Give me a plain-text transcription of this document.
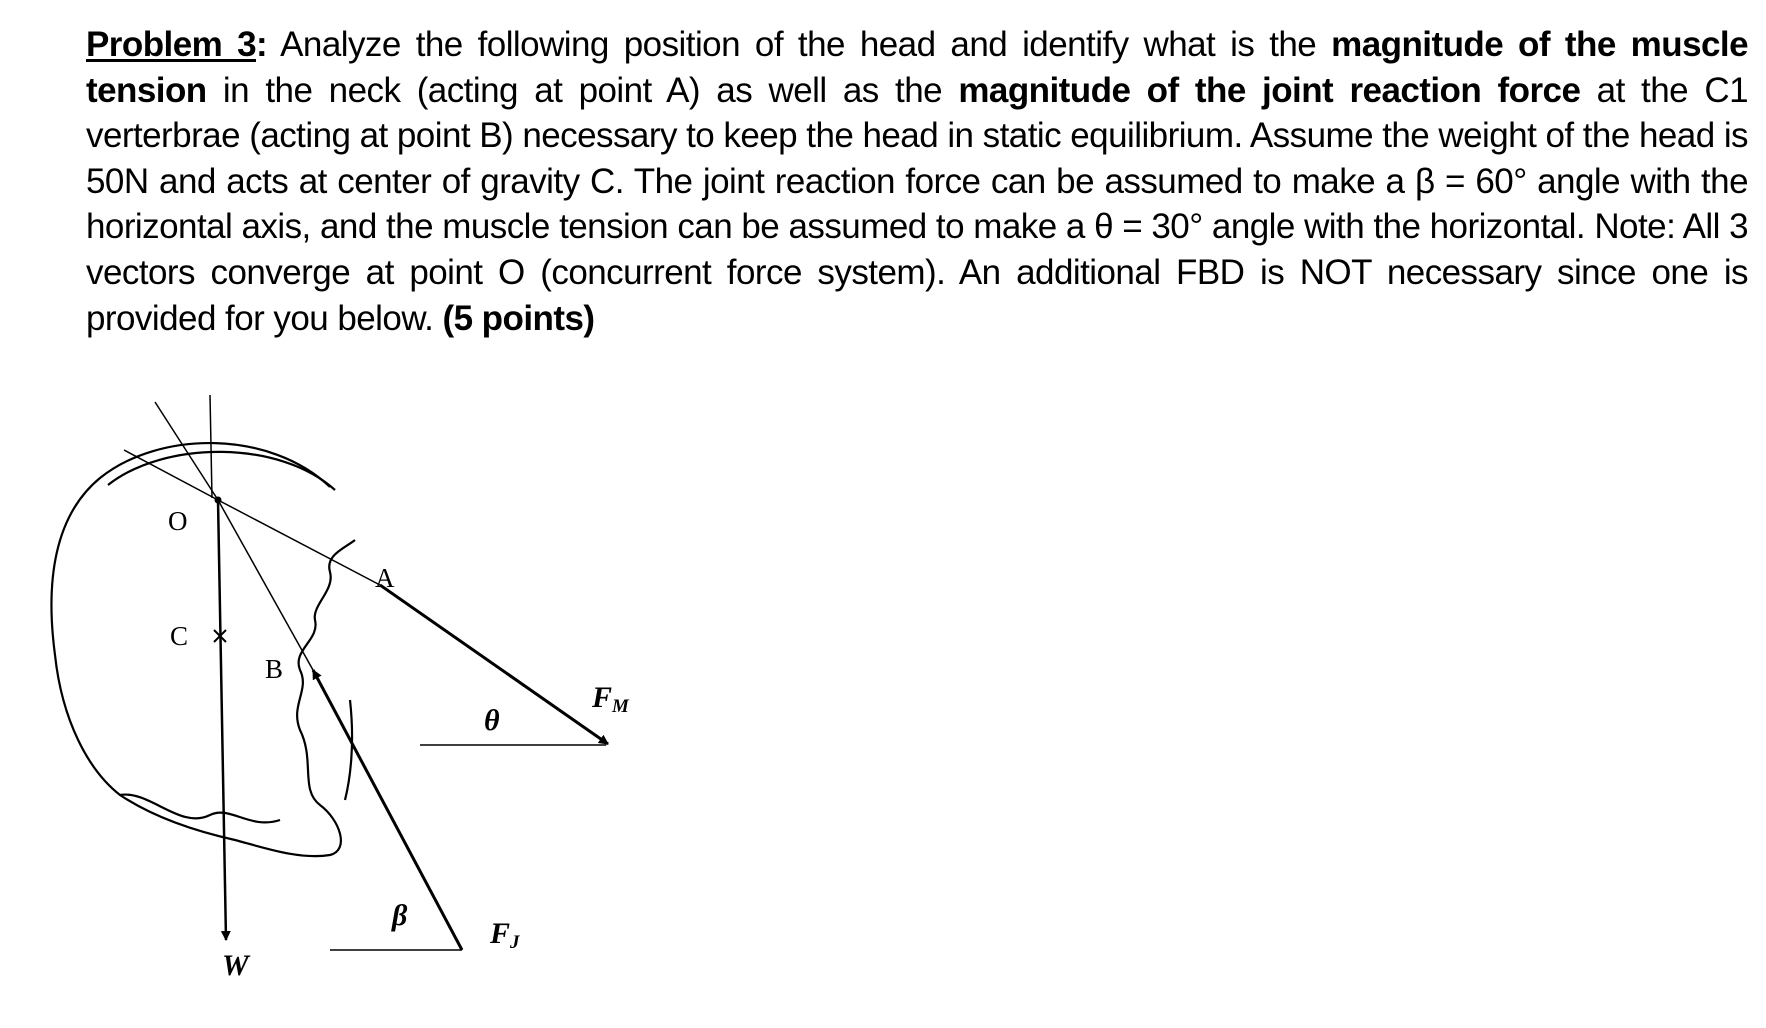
Problem 3: Analyze the following position of the head and identify what is the magnitude of the muscle tension in the neck (acting at point A) as well as the magnitude of the joint reaction force at the C1 verterbrae (acting at point B) necessary to keep the head in static equilibrium. Assume the weight of the head is 50N and acts at center of gravity C. The joint reaction force can be assumed to make a β = 60° angle with the horizontal axis, and the muscle tension can be assumed to make a θ = 30° angle with the horizontal. Note: All 3 vectors converge at point O (concurrent force system). An additional FBD is NOT necessary since one is provided for you below. (5 points)

O
A
B
C
W
θ
β
FM
FJ
